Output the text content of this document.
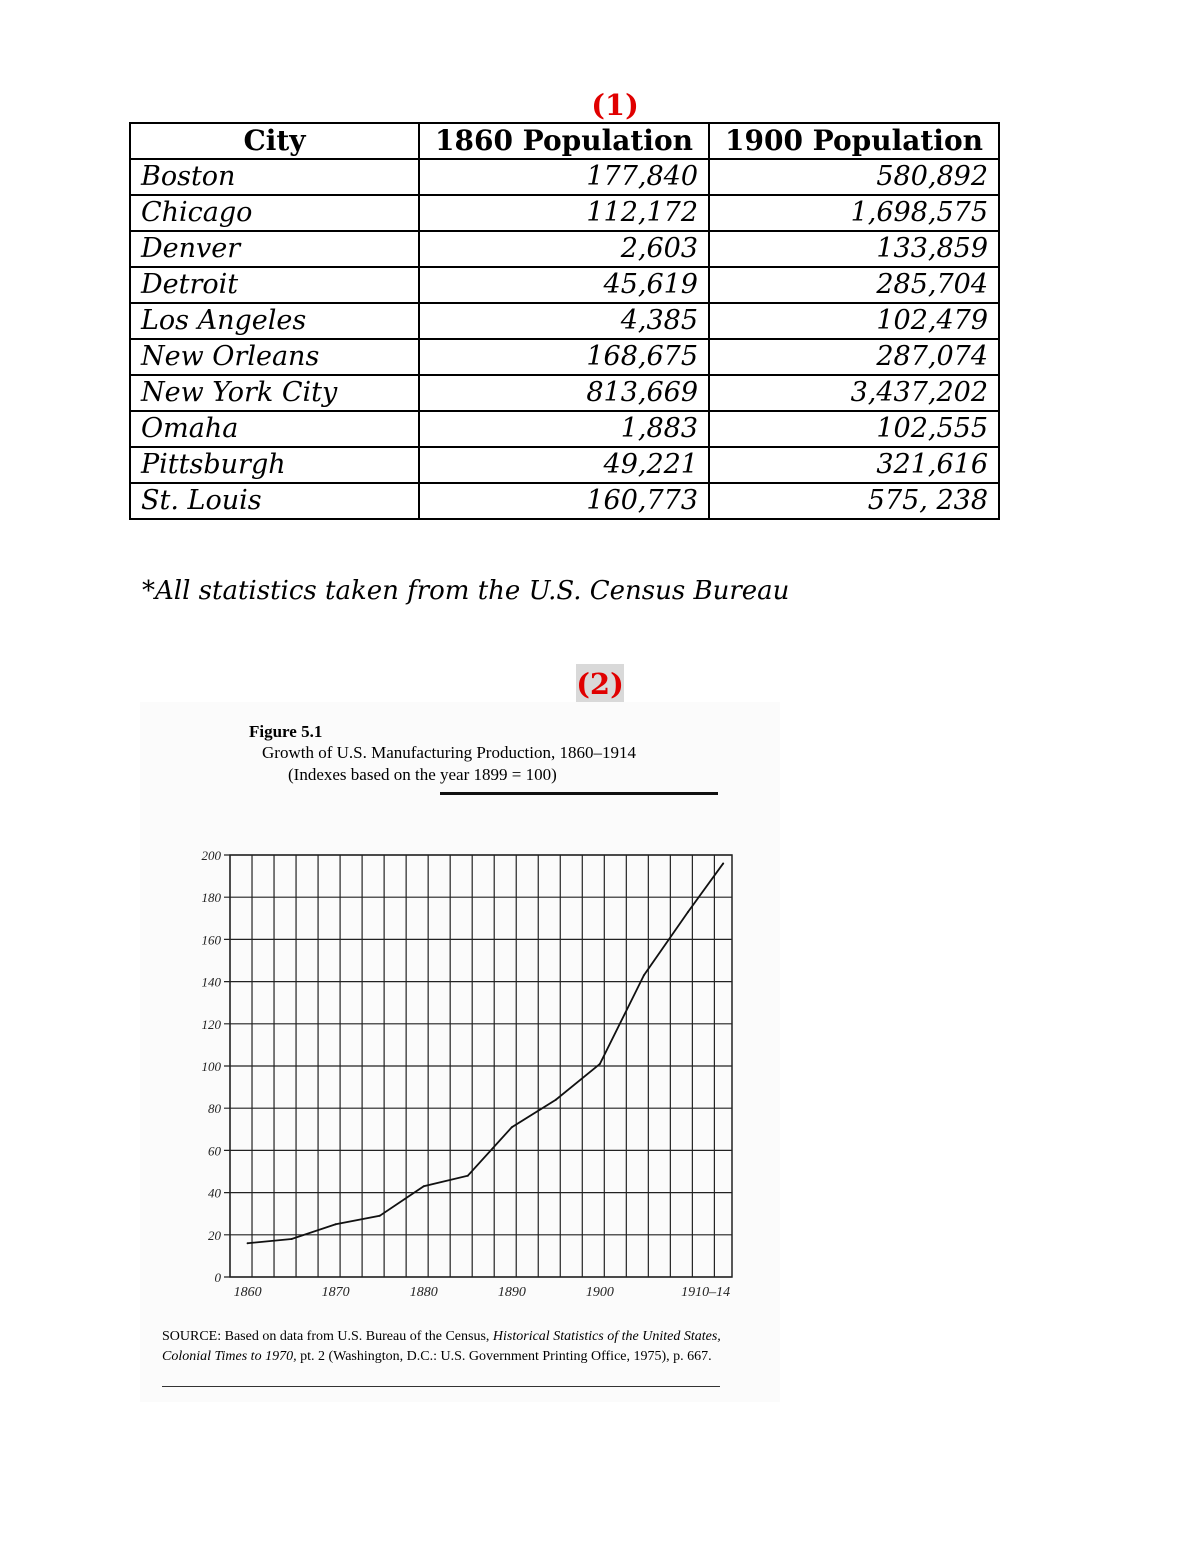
(1)
City	1860 Population	1900 Population
Boston	177,840	580,892
Chicago	112,172	1,698,575
Denver	2,603	133,859
Detroit	45,619	285,704
Los Angeles	4,385	102,479
New Orleans	168,675	287,074
New York City	813,669	3,437,202
Omaha	1,883	102,555
Pittsburgh	49,221	321,616
St. Louis	160,773	575, 238
*All statistics taken from the U.S. Census Bureau
(2)
Figure 5.1
Growth of U.S. Manufacturing Production, 1860–1914
(Indexes based on the year 1899 = 100)
0
20
40
60
80
100
120
140
160
180
200
1860	1870	1880	1890	1900	1910–14
SOURCE: Based on data from U.S. Bureau of the Census, Historical Statistics of the United States, Colonial Times to 1970, pt. 2 (Washington, D.C.: U.S. Government Printing Office, 1975), p. 667.
